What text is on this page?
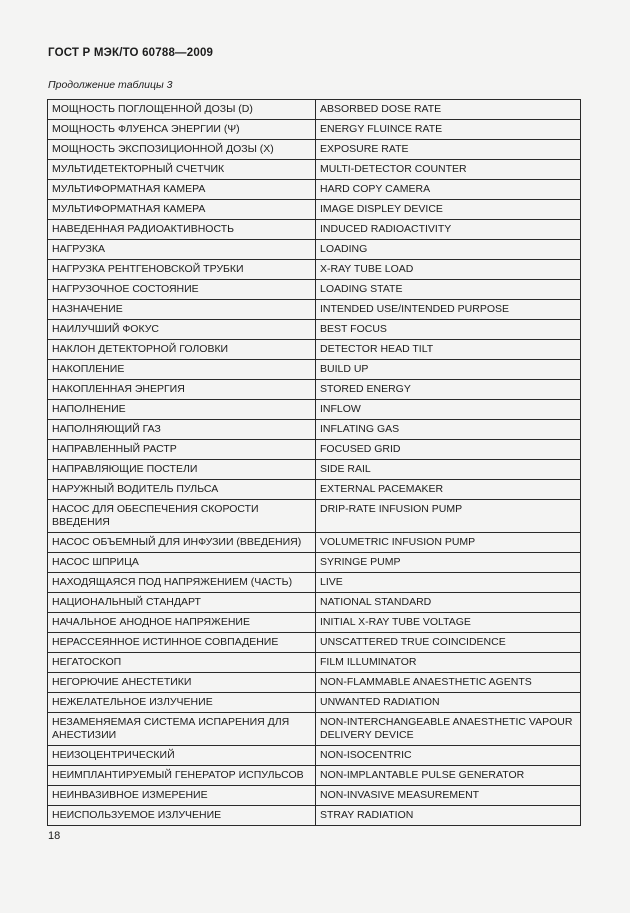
ГОСТ Р МЭК/ТО 60788—2009
Продолжение таблицы 3
МОЩНОСТЬ ПОГЛОЩЕННОЙ ДОЗЫ (D)	ABSORBED DOSE RATE
МОЩНОСТЬ ФЛУЕНСА ЭНЕРГИИ (Ψ)	ENERGY FLUINCE RATE
МОЩНОСТЬ ЭКСПОЗИЦИОННОЙ ДОЗЫ (X)	EXPOSURE RATE
МУЛЬТИДЕТЕКТОРНЫЙ СЧЕТЧИК	MULTI-DETECTOR COUNTER
МУЛЬТИФОРМАТНАЯ КАМЕРА	HARD COPY CAMERA
МУЛЬТИФОРМАТНАЯ КАМЕРА	IMAGE DISPLEY DEVICE
НАВЕДЕННАЯ РАДИОАКТИВНОСТЬ	INDUCED RADIOACTIVITY
НАГРУЗКА	LOADING
НАГРУЗКА РЕНТГЕНОВСКОЙ ТРУБКИ	X-RAY TUBE LOAD
НАГРУЗОЧНОЕ СОСТОЯНИЕ	LOADING STATE
НАЗНАЧЕНИЕ	INTENDED USE/INTENDED PURPOSE
НАИЛУЧШИЙ ФОКУС	BEST FOCUS
НАКЛОН ДЕТЕКТОРНОЙ ГОЛОВКИ	DETECTOR HEAD TILT
НАКОПЛЕНИЕ	BUILD UP
НАКОПЛЕННАЯ ЭНЕРГИЯ	STORED ENERGY
НАПОЛНЕНИЕ	INFLOW
НАПОЛНЯЮЩИЙ ГАЗ	INFLATING GAS
НАПРАВЛЕННЫЙ РАСТР	FOCUSED GRID
НАПРАВЛЯЮЩИЕ ПОСТЕЛИ	SIDE RAIL
НАРУЖНЫЙ ВОДИТЕЛЬ ПУЛЬСА	EXTERNAL PACEMAKER
НАСОС ДЛЯ ОБЕСПЕЧЕНИЯ СКОРОСТИ ВВЕДЕНИЯ	DRIP-RATE INFUSION PUMP
НАСОС ОБЪЕМНЫЙ ДЛЯ ИНФУЗИИ (ВВЕДЕНИЯ)	VOLUMETRIC INFUSION PUMP
НАСОС ШПРИЦА	SYRINGE PUMP
НАХОДЯЩАЯСЯ ПОД НАПРЯЖЕНИЕМ (ЧАСТЬ)	LIVE
НАЦИОНАЛЬНЫЙ СТАНДАРТ	NATIONAL STANDARD
НАЧАЛЬНОЕ АНОДНОЕ НАПРЯЖЕНИЕ	INITIAL X-RAY TUBE VOLTAGE
НЕРАССЕЯННОЕ ИСТИННОЕ СОВПАДЕНИЕ	UNSCATTERED TRUE COINCIDENCE
НЕГАТОСКОП	FILM ILLUMINATOR
НЕГОРЮЧИЕ АНЕСТЕТИКИ	NON-FLAMMABLE ANAESTHETIC AGENTS
НЕЖЕЛАТЕЛЬНОЕ ИЗЛУЧЕНИЕ	UNWANTED RADIATION
НЕЗАМЕНЯЕМАЯ СИСТЕМА ИСПАРЕНИЯ ДЛЯ АНЕСТИЗИИ	NON-INTERCHANGEABLE ANAESTHETIC VAPOUR DELIVERY DEVICE
НЕИЗОЦЕНТРИЧЕСКИЙ	NON-ISOCENTRIC
НЕИМПЛАНТИРУЕМЫЙ ГЕНЕРАТОР ИСПУЛЬСОВ	NON-IMPLANTABLE PULSE GENERATOR
НЕИНВАЗИВНОЕ ИЗМЕРЕНИЕ	NON-INVASIVE MEASUREMENT
НЕИСПОЛЬЗУЕМОЕ ИЗЛУЧЕНИЕ	STRAY RADIATION
18
